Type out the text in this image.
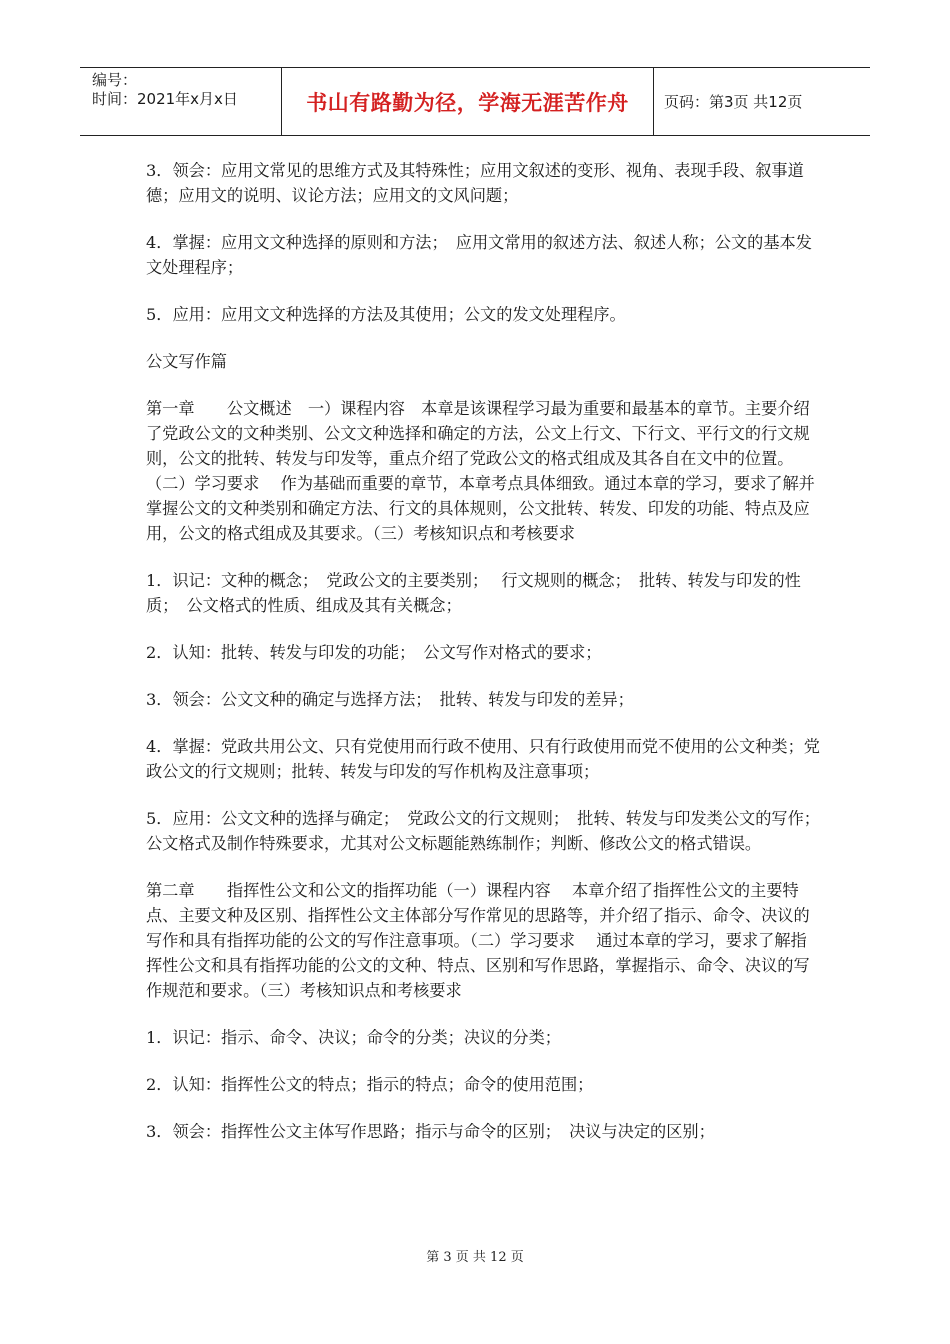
编号：
时间：2021年x月x日	书山有路勤为径，学海无涯苦作舟	页码：第3页 共12页

3．领会：应用文常见的思维方式及其特殊性；应用文叙述的变形、视角、表现手段、叙事道德；应用文的说明、议论方法；应用文的文风问题；

4．掌握：应用文文种选择的原则和方法；　应用文常用的叙述方法、叙述人称；公文的基本发文处理程序；

5．应用：应用文文种选择的方法及其使用；公文的发文处理程序。

公文写作篇

第一章　　公文概述　一）课程内容　本章是该课程学习最为重要和最基本的章节。主要介绍了党政公文的文种类别、公文文种选择和确定的方法，公文上行文、下行文、平行文的行文规则，公文的批转、转发与印发等，重点介绍了党政公文的格式组成及其各自在文中的位置。　（二）学习要求　 作为基础而重要的章节，本章考点具体细致。通过本章的学习，要求了解并掌握公文的文种类别和确定方法、行文的具体规则，公文批转、转发、印发的功能、特点及应用，公文的格式组成及其要求。（三）考核知识点和考核要求

1．识记：文种的概念；　党政公文的主要类别；　 行文规则的概念；　批转、转发与印发的性质；　公文格式的性质、组成及其有关概念；

2．认知：批转、转发与印发的功能；　公文写作对格式的要求；

3．领会：公文文种的确定与选择方法；　批转、转发与印发的差异；

4．掌握：党政共用公文、只有党使用而行政不使用、只有行政使用而党不使用的公文种类；党政公文的行文规则；批转、转发与印发的写作机构及注意事项；

5．应用：公文文种的选择与确定；　党政公文的行文规则；　批转、转发与印发类公文的写作；　公文格式及制作特殊要求，尤其对公文标题能熟练制作；判断、修改公文的格式错误。

第二章　　指挥性公文和公文的指挥功能（一）课程内容　 本章介绍了指挥性公文的主要特点、主要文种及区别、指挥性公文主体部分写作常见的思路等，并介绍了指示、命令、决议的写作和具有指挥功能的公文的写作注意事项。（二）学习要求　 通过本章的学习，要求了解指挥性公文和具有指挥功能的公文的文种、特点、区别和写作思路，掌握指示、命令、决议的写作规范和要求。（三）考核知识点和考核要求

1．识记：指示、命令、决议；命令的分类；决议的分类；

2．认知：指挥性公文的特点；指示的特点；命令的使用范围；

3．领会：指挥性公文主体写作思路；指示与命令的区别；　决议与决定的区别；

第 3 页 共 12 页
